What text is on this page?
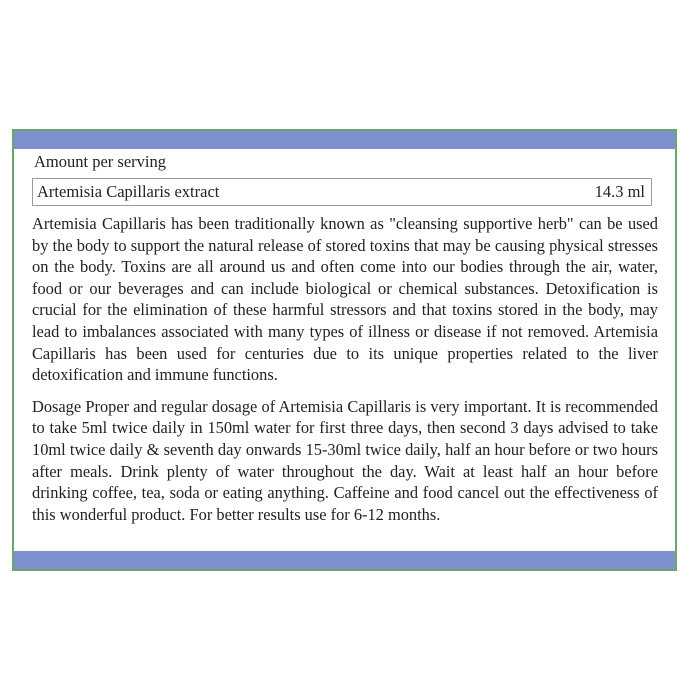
Amount per serving
Artemisia Capillaris extract	14.3 ml

Artemisia Capillaris has been traditionally known as "cleansing supportive herb" can be used by the body to support the natural release of stored toxins that may be causing physical stresses on the body. Toxins are all around us and often come into our bodies through the air, water, food or our beverages and can include biological or chemical substances. Detoxification is crucial for the elimination of these harmful stressors and that toxins stored in the body, may lead to imbalances associated with many types of illness or disease if not removed. Artemisia Capillaris has been used for centuries due to its unique properties related to the liver detoxification and immune functions.

Dosage Proper and regular dosage of Artemisia Capillaris is very important. It is recommended to take 5ml twice daily in 150ml water for first three days, then second 3 days advised to take 10ml twice daily & seventh day onwards 15-30ml twice daily, half an hour before or two hours after meals. Drink plenty of water throughout the day. Wait at least half an hour before drinking coffee, tea, soda or eating anything. Caffeine and food cancel out the effectiveness of this wonderful product. For better results use for 6-12 months.
